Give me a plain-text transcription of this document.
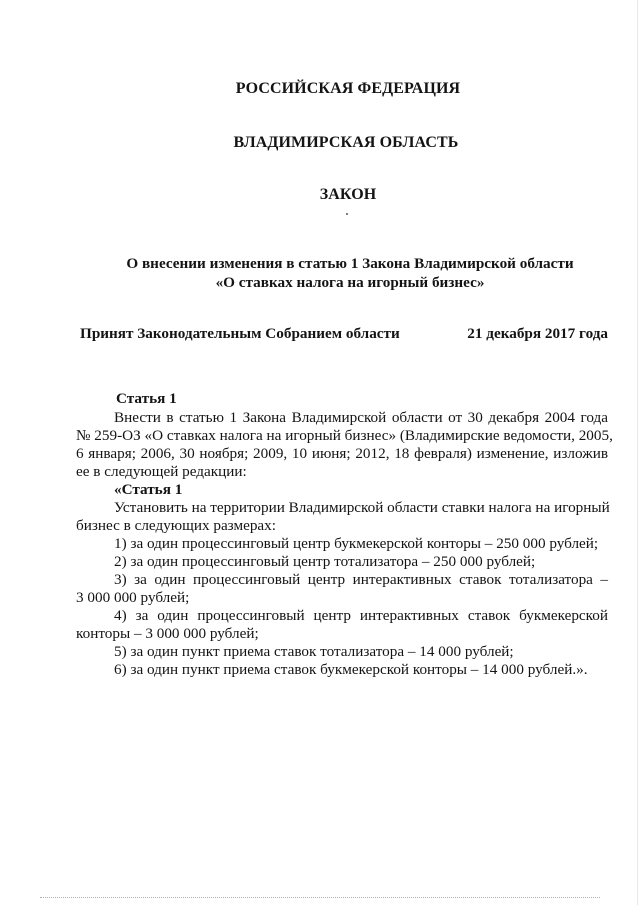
РОССИЙСКАЯ ФЕДЕРАЦИЯ
ВЛАДИМИРСКАЯ ОБЛАСТЬ
ЗАКОН
О внесении изменения в статью 1 Закона Владимирской области
«О ставках налога на игорный бизнес»
Принят Законодательным Собранием области	21 декабря 2017 года
Статья 1
Внести в статью 1 Закона Владимирской области от 30 декабря 2004 года
№ 259-ОЗ «О ставках налога на игорный бизнес» (Владимирские ведомости, 2005,
6 января; 2006, 30 ноября; 2009, 10 июня; 2012, 18 февраля) изменение, изложив
ее в следующей редакции:
«Статья 1
Установить на территории Владимирской области ставки налога на игорный
бизнес в следующих размерах:
1) за один процессинговый центр букмекерской конторы – 250 000 рублей;
2) за один процессинговый центр тотализатора – 250 000 рублей;
3) за один процессинговый центр интерактивных ставок тотализатора –
3 000 000 рублей;
4) за один процессинговый центр интерактивных ставок букмекерской
конторы – 3 000 000 рублей;
5) за один пункт приема ставок тотализатора – 14 000 рублей;
6) за один пункт приема ставок букмекерской конторы – 14 000 рублей.».
